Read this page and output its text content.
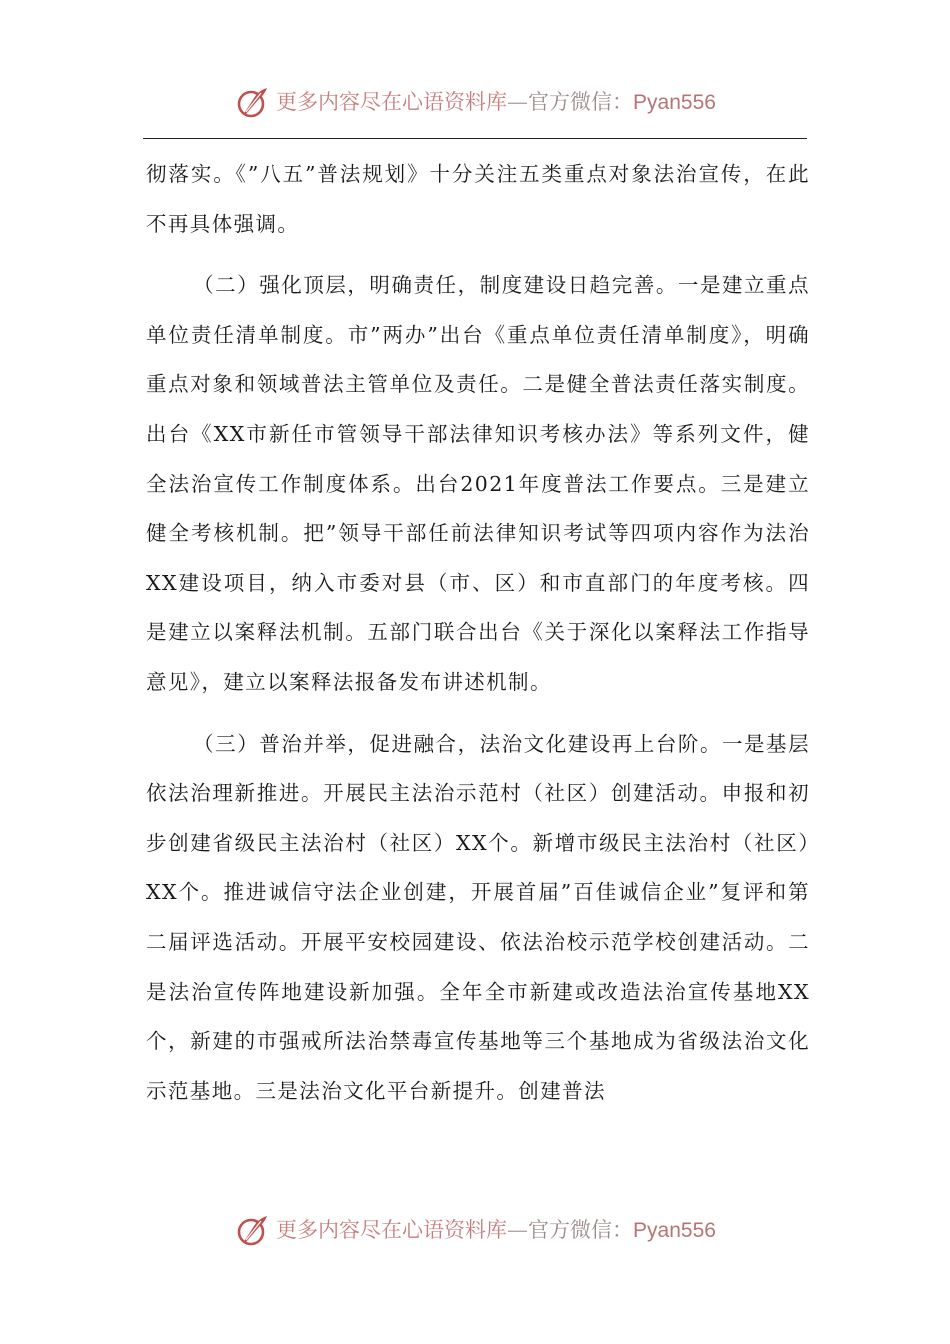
更多内容尽在心语资料库—官方微信：Pyan556

彻落实。《”八五”普法规划》十分关注五类重点对象法治宣传，在此不再具体强调。

（二）强化顶层，明确责任，制度建设日趋完善。一是建立重点单位责任清单制度。市”两办”出台《重点单位责任清单制度》，明确重点对象和领域普法主管单位及责任。二是健全普法责任落实制度。出台《XX市新任市管领导干部法律知识考核办法》等系列文件，健全法治宣传工作制度体系。出台2021年度普法工作要点。三是建立健全考核机制。把”领导干部任前法律知识考试等四项内容作为法治XX建设项目，纳入市委对县（市、区）和市直部门的年度考核。四是建立以案释法机制。五部门联合出台《关于深化以案释法工作指导意见》，建立以案释法报备发布讲述机制。

（三）普治并举，促进融合，法治文化建设再上台阶。一是基层依法治理新推进。开展民主法治示范村（社区）创建活动。申报和初步创建省级民主法治村（社区）XX个。新增市级民主法治村（社区）XX个。推进诚信守法企业创建，开展首届”百佳诚信企业”复评和第二届评选活动。开展平安校园建设、依法治校示范学校创建活动。二是法治宣传阵地建设新加强。全年全市新建或改造法治宣传基地XX个，新建的市强戒所法治禁毒宣传基地等三个基地成为省级法治文化示范基地。三是法治文化平台新提升。创建普法

更多内容尽在心语资料库—官方微信：Pyan556
